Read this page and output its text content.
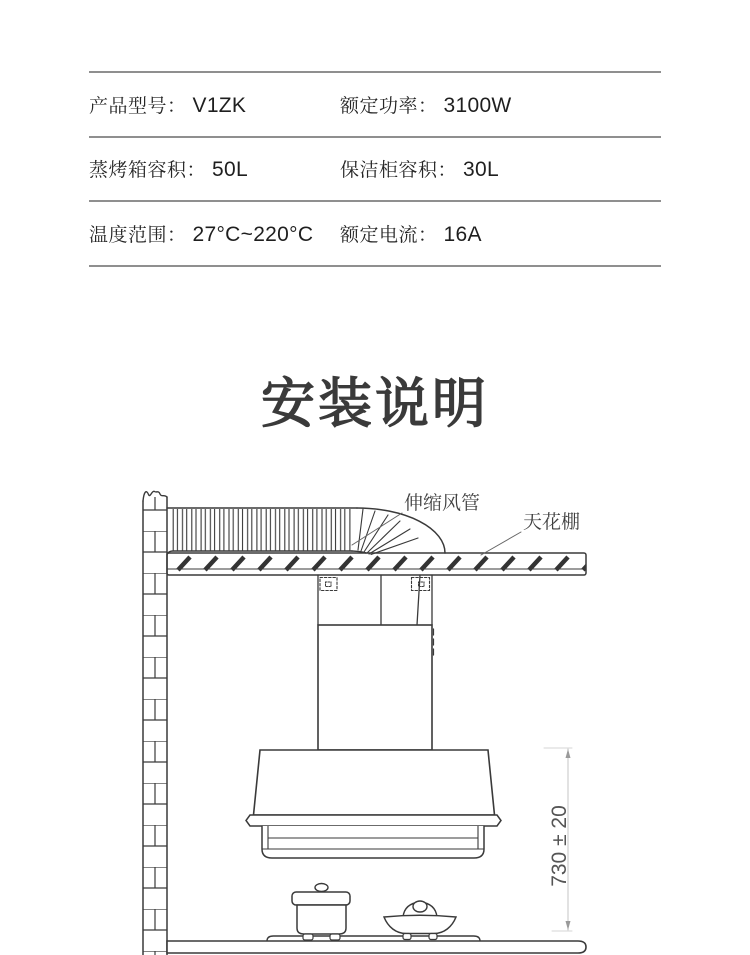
产品型号： V1ZK	额定功率： 3100W
蒸烤箱容积： 50L	保洁柜容积： 30L
温度范围： 27°C~220°C 额定电流： 16A
安装说明
730 ± 20
伸缩风管
天花棚
